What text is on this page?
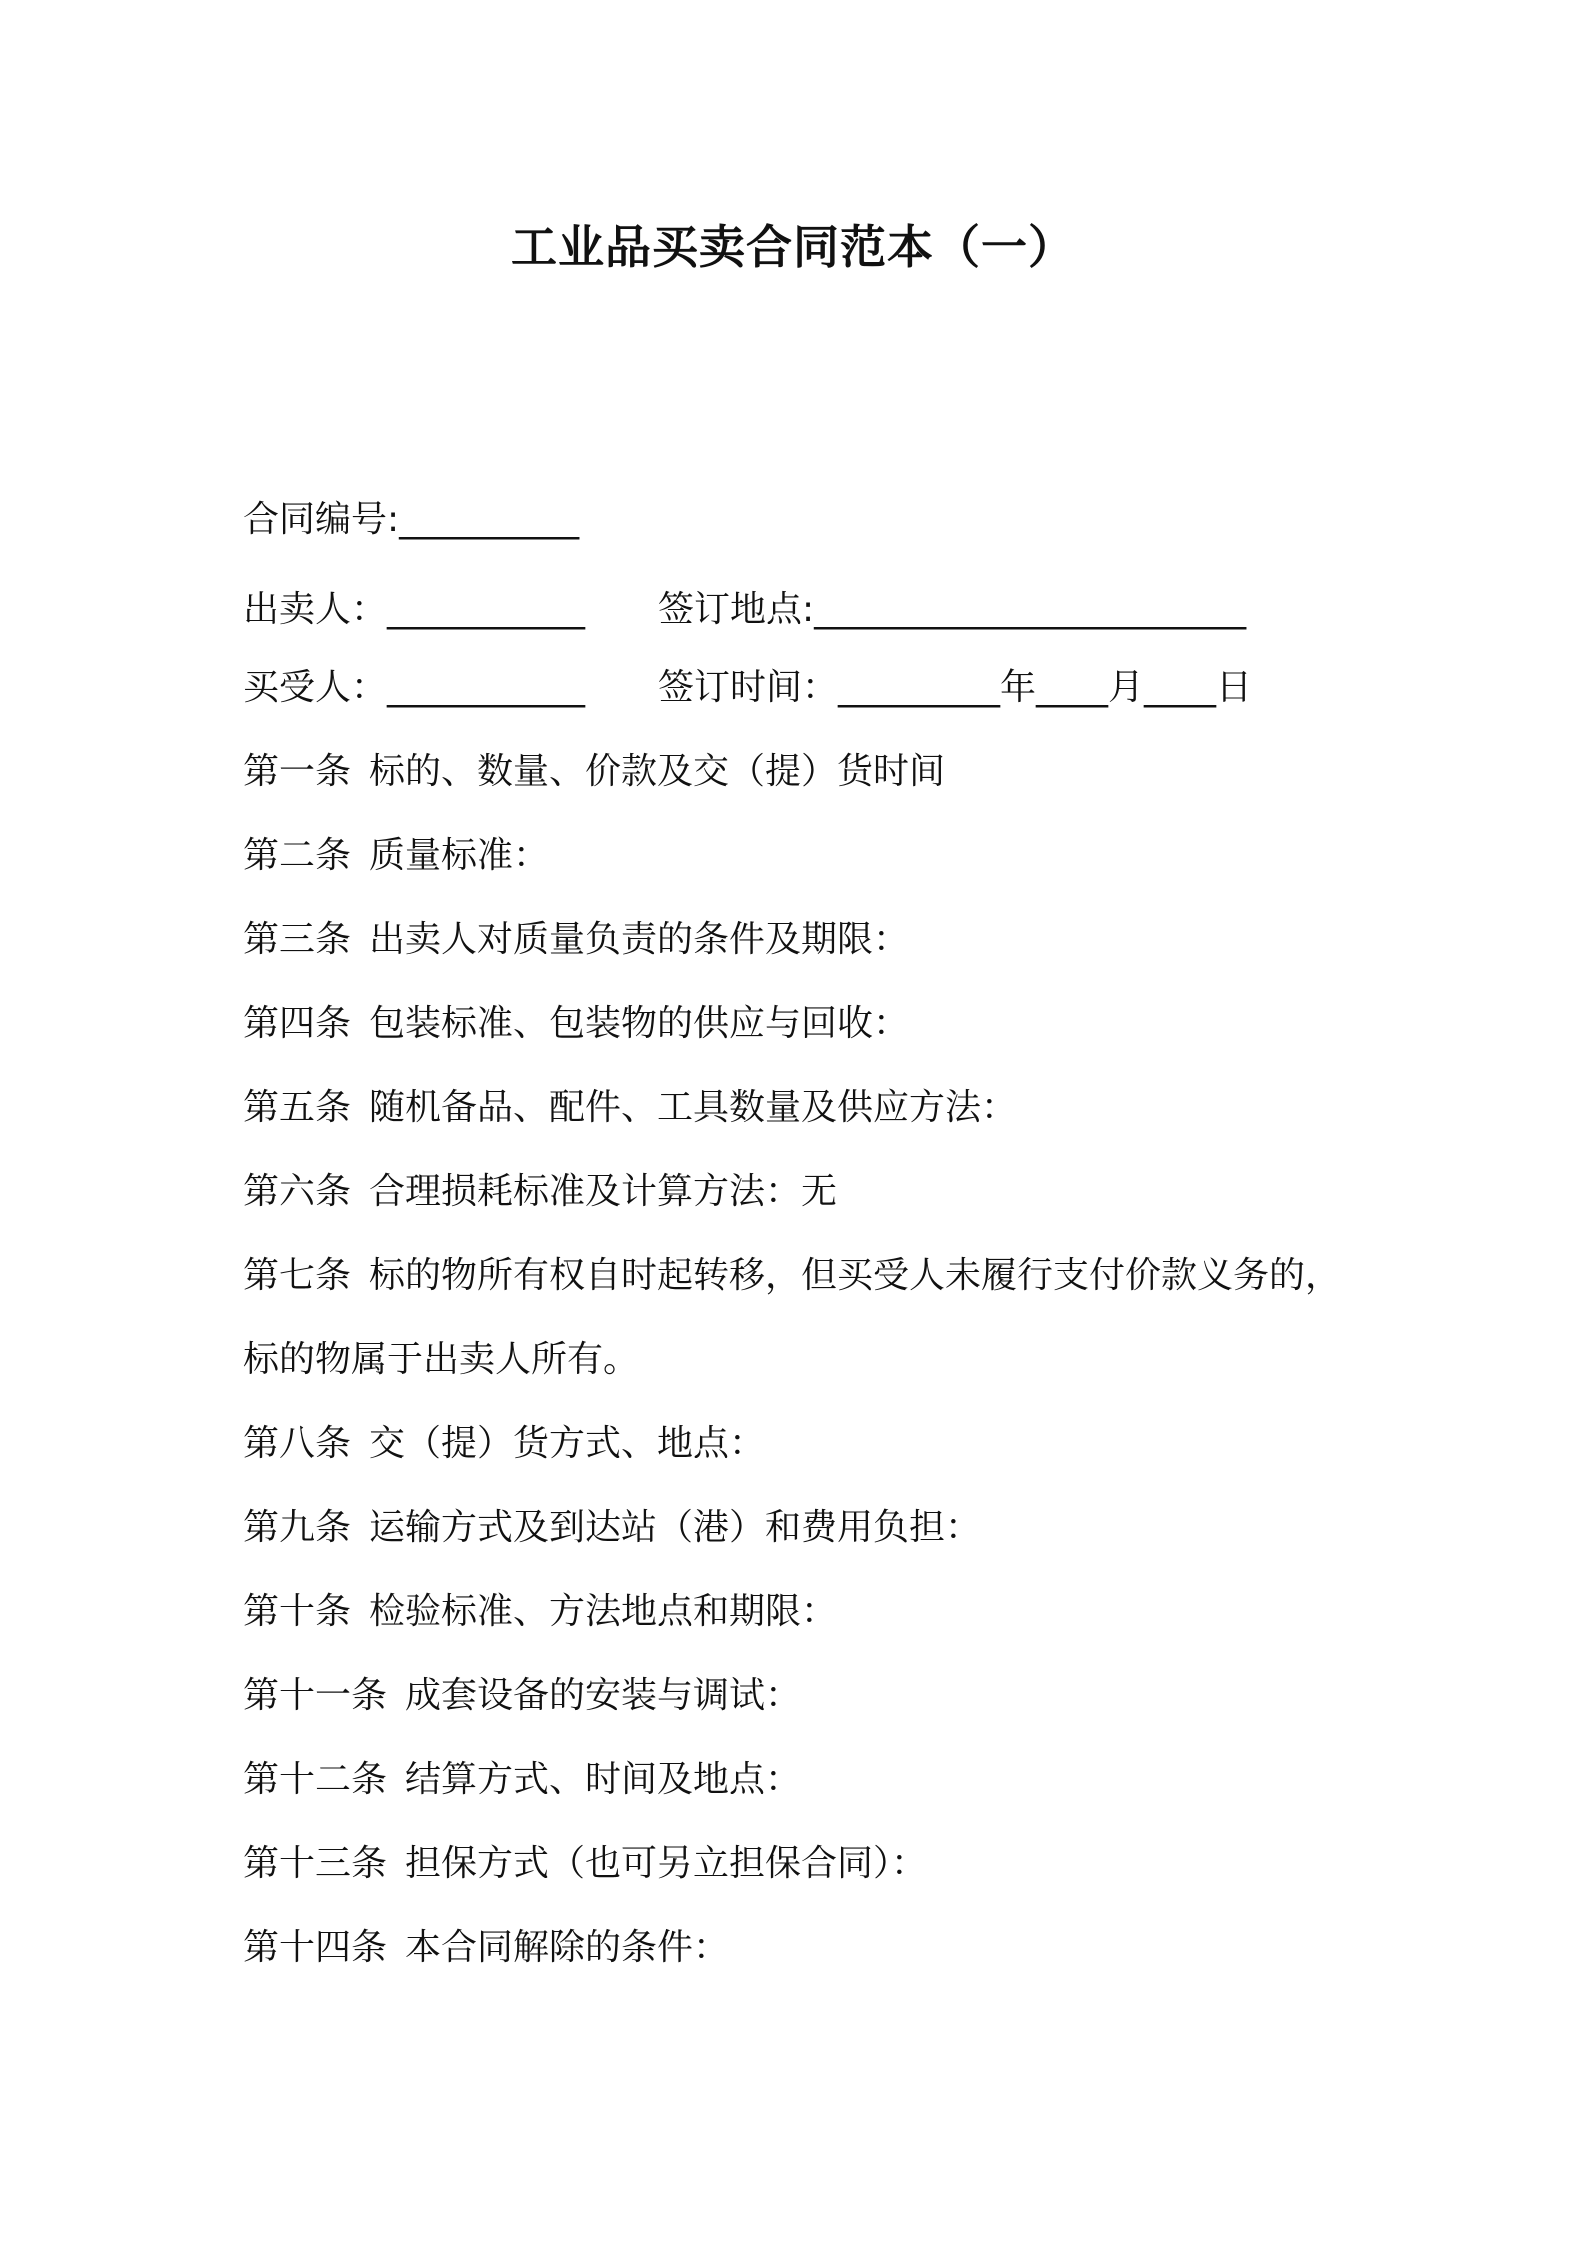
工业品买卖合同范本（一）
合同编号:__________
出卖人：___________ 签订地点:________________________
买受人：___________ 签订时间：_________年____月____日
第一条 标的、数量、价款及交（提）货时间
第二条 质量标准：
第三条 出卖人对质量负责的条件及期限：
第四条 包装标准、包装物的供应与回收：
第五条 随机备品、配件、工具数量及供应方法：
第六条 合理损耗标准及计算方法：无
第七条 标的物所有权自时起转移，但买受人未履行支付价款义务的，
标的物属于出卖人所有。
第八条 交（提）货方式、地点：
第九条 运输方式及到达站（港）和费用负担：
第十条 检验标准、方法地点和期限：
第十一条 成套设备的安装与调试：
第十二条 结算方式、时间及地点：
第十三条 担保方式（也可另立担保合同）：
第十四条 本合同解除的条件：
